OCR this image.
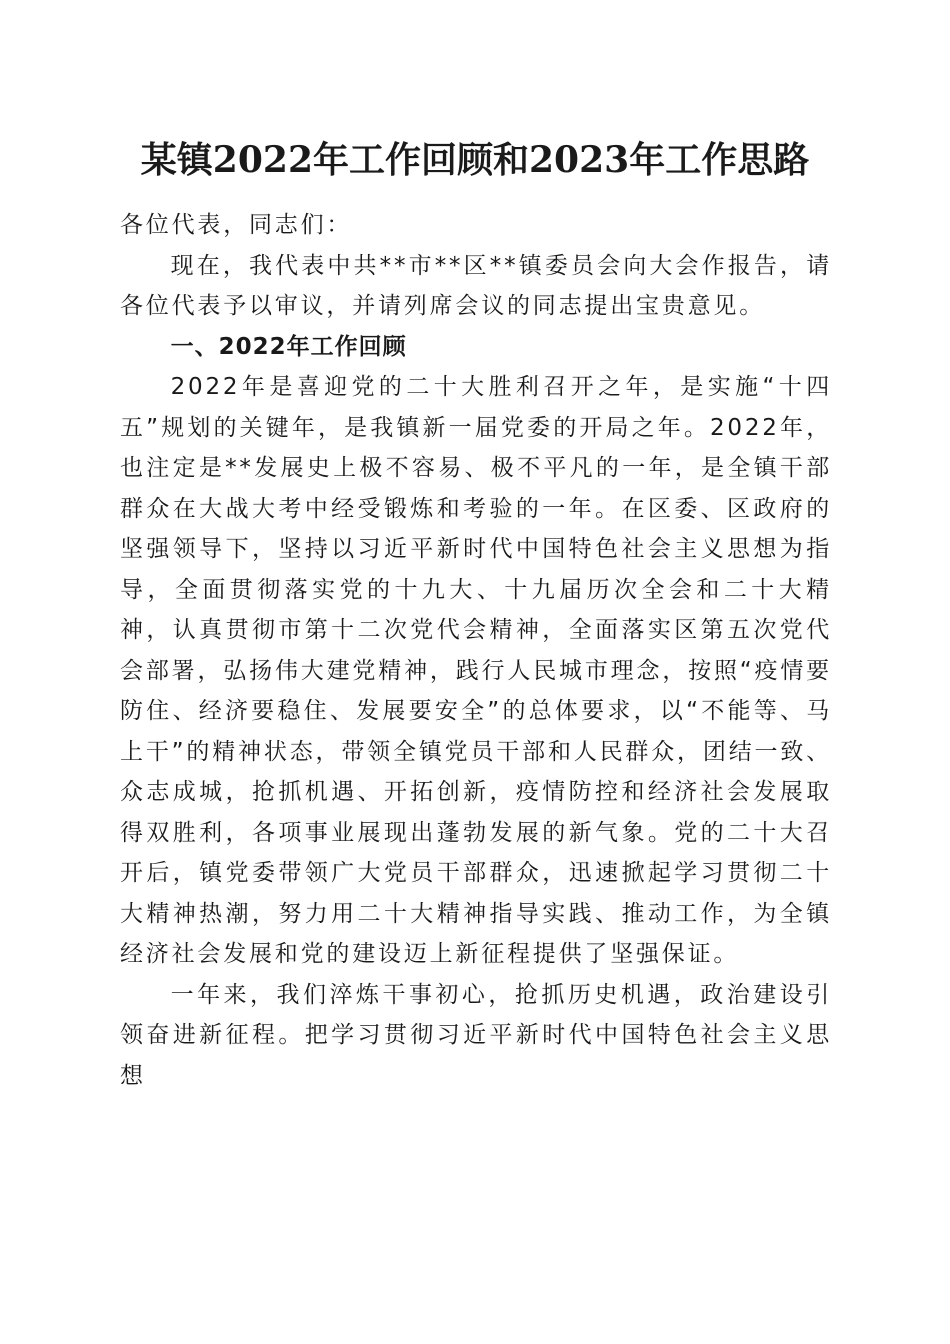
某镇2022年工作回顾和2023年工作思路

各位代表，同志们：

现在，我代表中共**市**区**镇委员会向大会作报告，请各位代表予以审议，并请列席会议的同志提出宝贵意见。

一、2022年工作回顾

2022年是喜迎党的二十大胜利召开之年，是实施“十四五”规划的关键年，是我镇新一届党委的开局之年。2022年，也注定是**发展史上极不容易、极不平凡的一年，是全镇干部群众在大战大考中经受锻炼和考验的一年。在区委、区政府的坚强领导下，坚持以习近平新时代中国特色社会主义思想为指导，全面贯彻落实党的十九大、十九届历次全会和二十大精神，认真贯彻市第十二次党代会精神，全面落实区第五次党代会部署，弘扬伟大建党精神，践行人民城市理念，按照“疫情要防住、经济要稳住、发展要安全”的总体要求，以“不能等、马上干”的精神状态，带领全镇党员干部和人民群众，团结一致、众志成城，抢抓机遇、开拓创新，疫情防控和经济社会发展取得双胜利，各项事业展现出蓬勃发展的新气象。党的二十大召开后，镇党委带领广大党员干部群众，迅速掀起学习贯彻二十大精神热潮，努力用二十大精神指导实践、推动工作，为全镇经济社会发展和党的建设迈上新征程提供了坚强保证。

一年来，我们淬炼干事初心，抢抓历史机遇，政治建设引领奋进新征程。把学习贯彻习近平新时代中国特色社会主义思想
